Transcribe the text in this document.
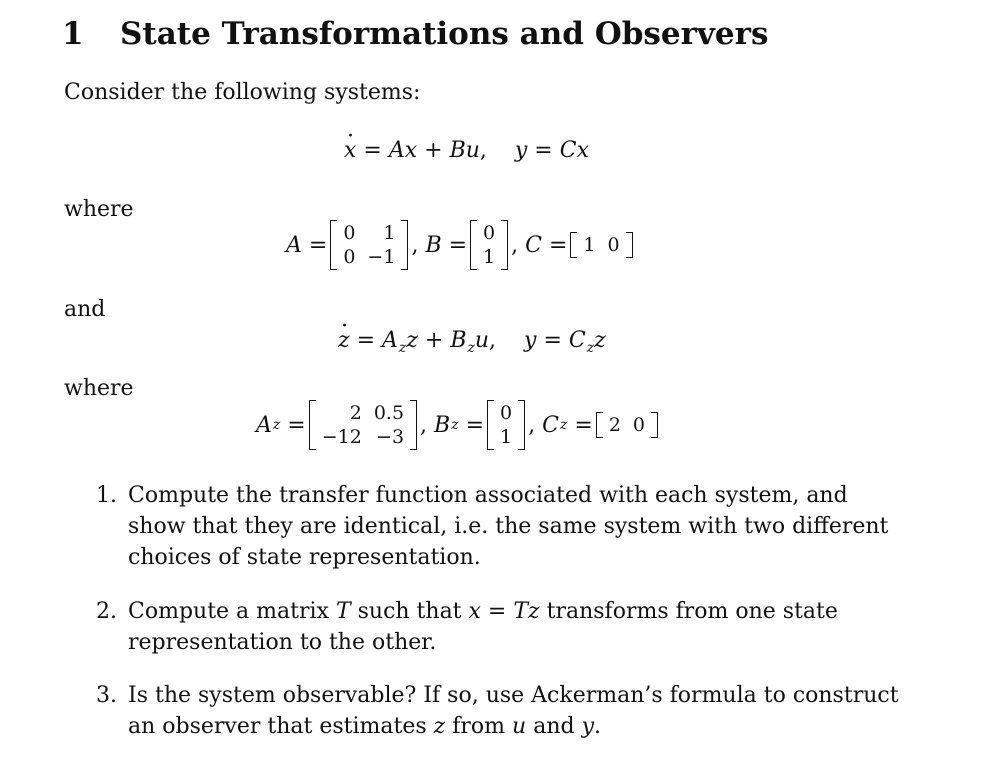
1 State Transformations and Observers
Consider the following systems:
· x = Ax + Bu,    y = Cx
where
A = 0	1
0	−1 , B = 0
1 , C = 1	0
and
· $z = A_zz + B_zu$,    $y = C_zz$
where
A z = 2	0.5
−12	−3 , B z = 0
1 , C z = 2	0
1. Compute the transfer function associated with each system, and show that they are identical, i.e. the same system with two different choices of state representation.
2. Compute a matrix T such that x = Tz transforms from one state representation to the other.
3. Is the system observable? If so, use Ackerman’s formula to construct an observer that estimates z from u and y.
